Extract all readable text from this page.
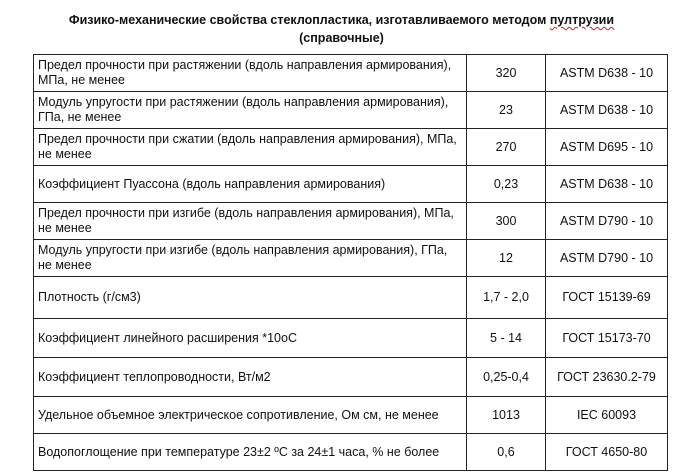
Физико-механические свойства стеклопластика, изготавливаемого методом пултрузии
(справочные)
Предел прочности при растяжении (вдоль направления армирования), МПа, не менее	320	ASTM D638 - 10
Модуль упругости при растяжении (вдоль направления армирования), ГПа, не менее	23	ASTM D638 - 10
Предел прочности при сжатии (вдоль направления армирования), МПа, не менее	270	ASTM D695 - 10
Коэффициент Пуассона (вдоль направления армирования)	0,23	ASTM D638 - 10
Предел прочности при изгибе (вдоль направления армирования), МПа, не менее	300	ASTM D790 - 10
Модуль упругости при изгибе (вдоль направления армирования), ГПа, не менее	12	ASTM D790 - 10
Плотность (г/см3)	1,7 - 2,0	ГОСТ 15139-69
Коэффициент линейного расширения *10оС	5 - 14	ГОСТ 15173-70
Коэффициент теплопроводности, Вт/м2	0,25-0,4	ГОСТ 23630.2-79
Удельное объемное электрическое сопротивление, Ом см, не менее	1013	IEC 60093
Водопоглощение при температуре 23±2 ºС за 24±1 часа, % не более	0,6	ГОСТ 4650-80
